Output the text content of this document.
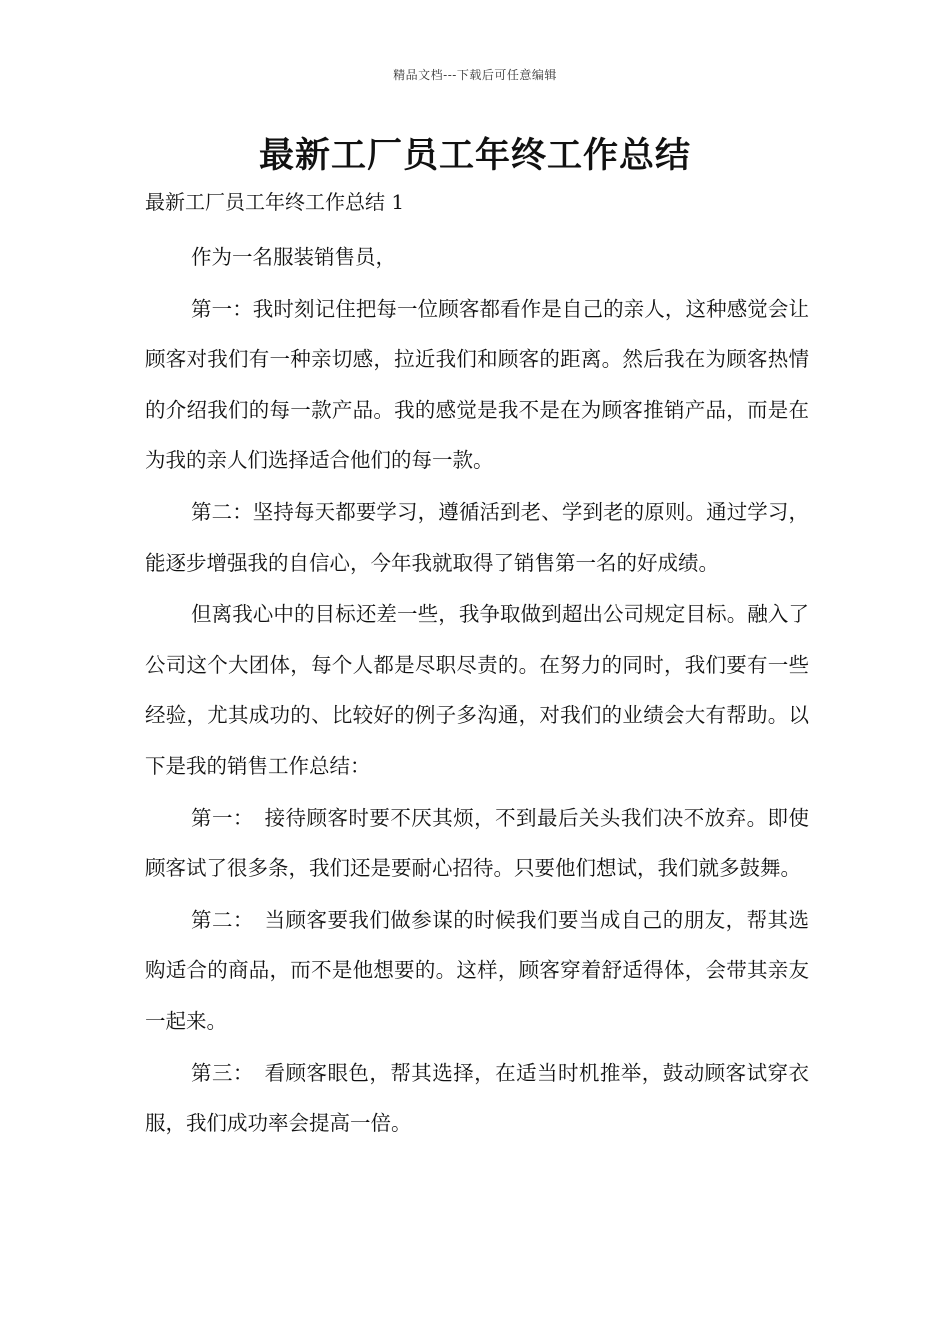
精品文档---下载后可任意编辑
最新工厂员工年终工作总结

最新工厂员工年终工作总结 1

作为一名服装销售员，

第一：我时刻记住把每一位顾客都看作是自己的亲人，这种感觉会让顾客对我们有一种亲切感，拉近我们和顾客的距离。然后我在为顾客热情的介绍我们的每一款产品。我的感觉是我不是在为顾客推销产品，而是在为我的亲人们选择适合他们的每一款。

第二：坚持每天都要学习，遵循活到老、学到老的原则。通过学习，能逐步增强我的自信心，今年我就取得了销售第一名的好成绩。

但离我心中的目标还差一些，我争取做到超出公司规定目标。融入了公司这个大团体，每个人都是尽职尽责的。在努力的同时，我们要有一些经验，尤其成功的、比较好的例子多沟通，对我们的业绩会大有帮助。以下是我的销售工作总结：

第一：　接待顾客时要不厌其烦，不到最后关头我们决不放弃。即使顾客试了很多条，我们还是要耐心招待。只要他们想试，我们就多鼓舞。

第二：　当顾客要我们做参谋的时候我们要当成自己的朋友，帮其选购适合的商品，而不是他想要的。这样，顾客穿着舒适得体，会带其亲友一起来。

第三：　看顾客眼色，帮其选择，在适当时机推举，鼓动顾客试穿衣服，我们成功率会提高一倍。
